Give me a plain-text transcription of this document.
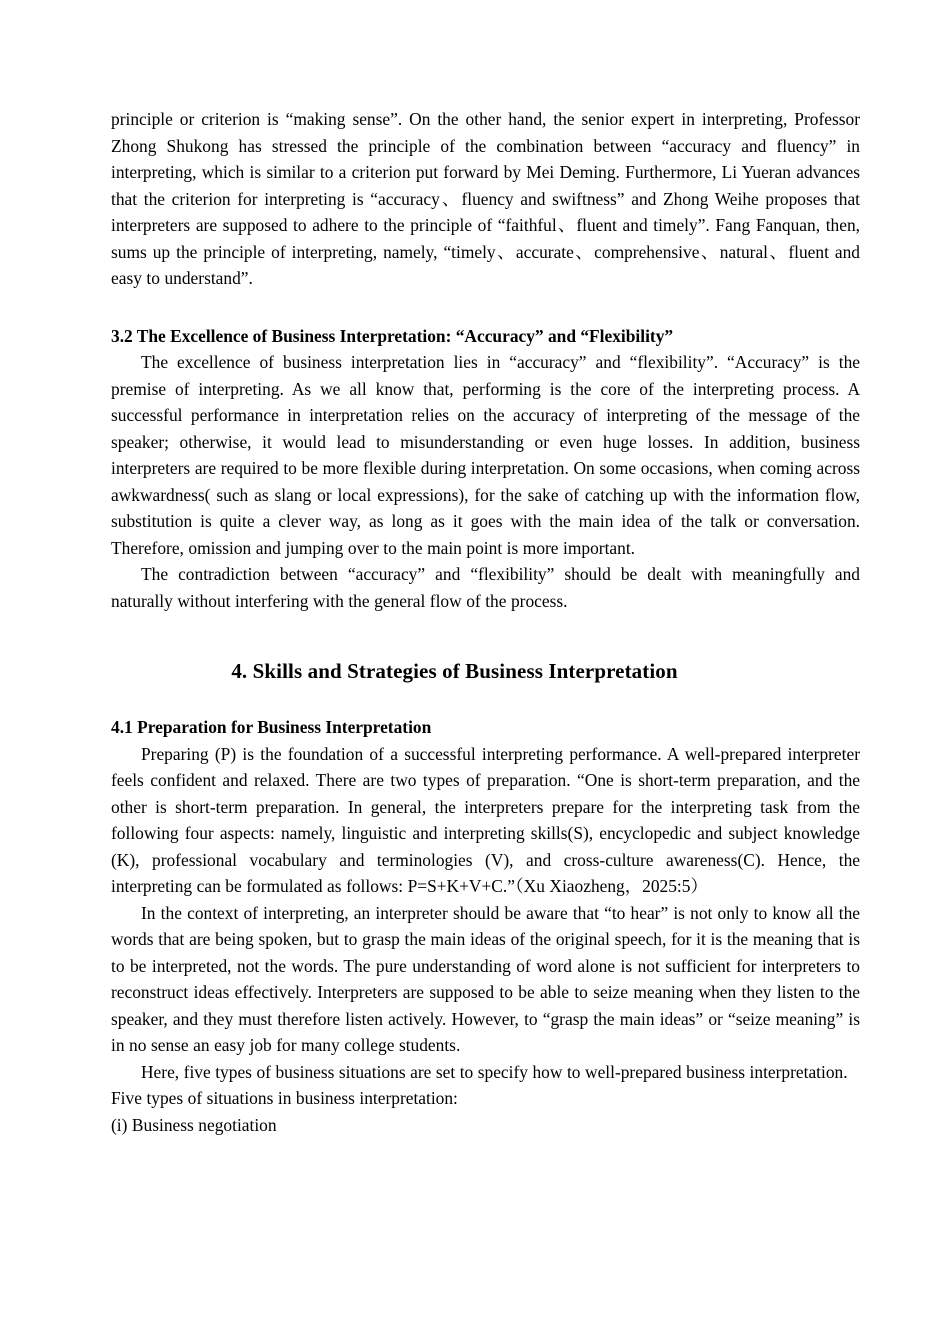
principle or criterion is “making sense”. On the other hand, the senior expert in interpreting, Professor Zhong Shukong has stressed the principle of the combination between “accuracy and fluency” in interpreting, which is similar to a criterion put forward by Mei Deming. Furthermore, Li Yueran advances that the criterion for interpreting is “accuracy、fluency and swiftness” and Zhong Weihe proposes that interpreters are supposed to adhere to the principle of “faithful、fluent and timely”. Fang Fanquan, then, sums up the principle of interpreting, namely, “timely、accurate、comprehensive、natural、fluent and easy to understand”.

3.2 The Excellence of Business Interpretation: “Accuracy” and “Flexibility”

The excellence of business interpretation lies in “accuracy” and “flexibility”. “Accuracy” is the premise of interpreting. As we all know that, performing is the core of the interpreting process. A successful performance in interpretation relies on the accuracy of interpreting of the message of the speaker; otherwise, it would lead to misunderstanding or even huge losses. In addition, business interpreters are required to be more flexible during interpretation. On some occasions, when coming across awkwardness( such as slang or local expressions), for the sake of catching up with the information flow, substitution is quite a clever way, as long as it goes with the main idea of the talk or conversation. Therefore, omission and jumping over to the main point is more important.

The contradiction between “accuracy” and “flexibility” should be dealt with meaningfully and naturally without interfering with the general flow of the process.

4. Skills and Strategies of Business Interpretation
4.1 Preparation for Business Interpretation

Preparing (P) is the foundation of a successful interpreting performance. A well-prepared interpreter feels confident and relaxed. There are two types of preparation. “One is short-term preparation, and the other is short-term preparation. In general, the interpreters prepare for the interpreting task from the following four aspects: namely, linguistic and interpreting skills(S), encyclopedic and subject knowledge (K), professional vocabulary and terminologies (V), and cross-culture awareness(C). Hence, the interpreting can be formulated as follows: P=S+K+V+C.”（Xu Xiaozheng，2025:5）

In the context of interpreting, an interpreter should be aware that “to hear” is not only to know all the words that are being spoken, but to grasp the main ideas of the original speech, for it is the meaning that is to be interpreted, not the words. The pure understanding of word alone is not sufficient for interpreters to reconstruct ideas effectively. Interpreters are supposed to be able to seize meaning when they listen to the speaker, and they must therefore listen actively. However, to “grasp the main ideas” or “seize meaning” is in no sense an easy job for many college students.

Here, five types of business situations are set to specify how to well-prepared business interpretation.

Five types of situations in business interpretation:

(i) Business negotiation
